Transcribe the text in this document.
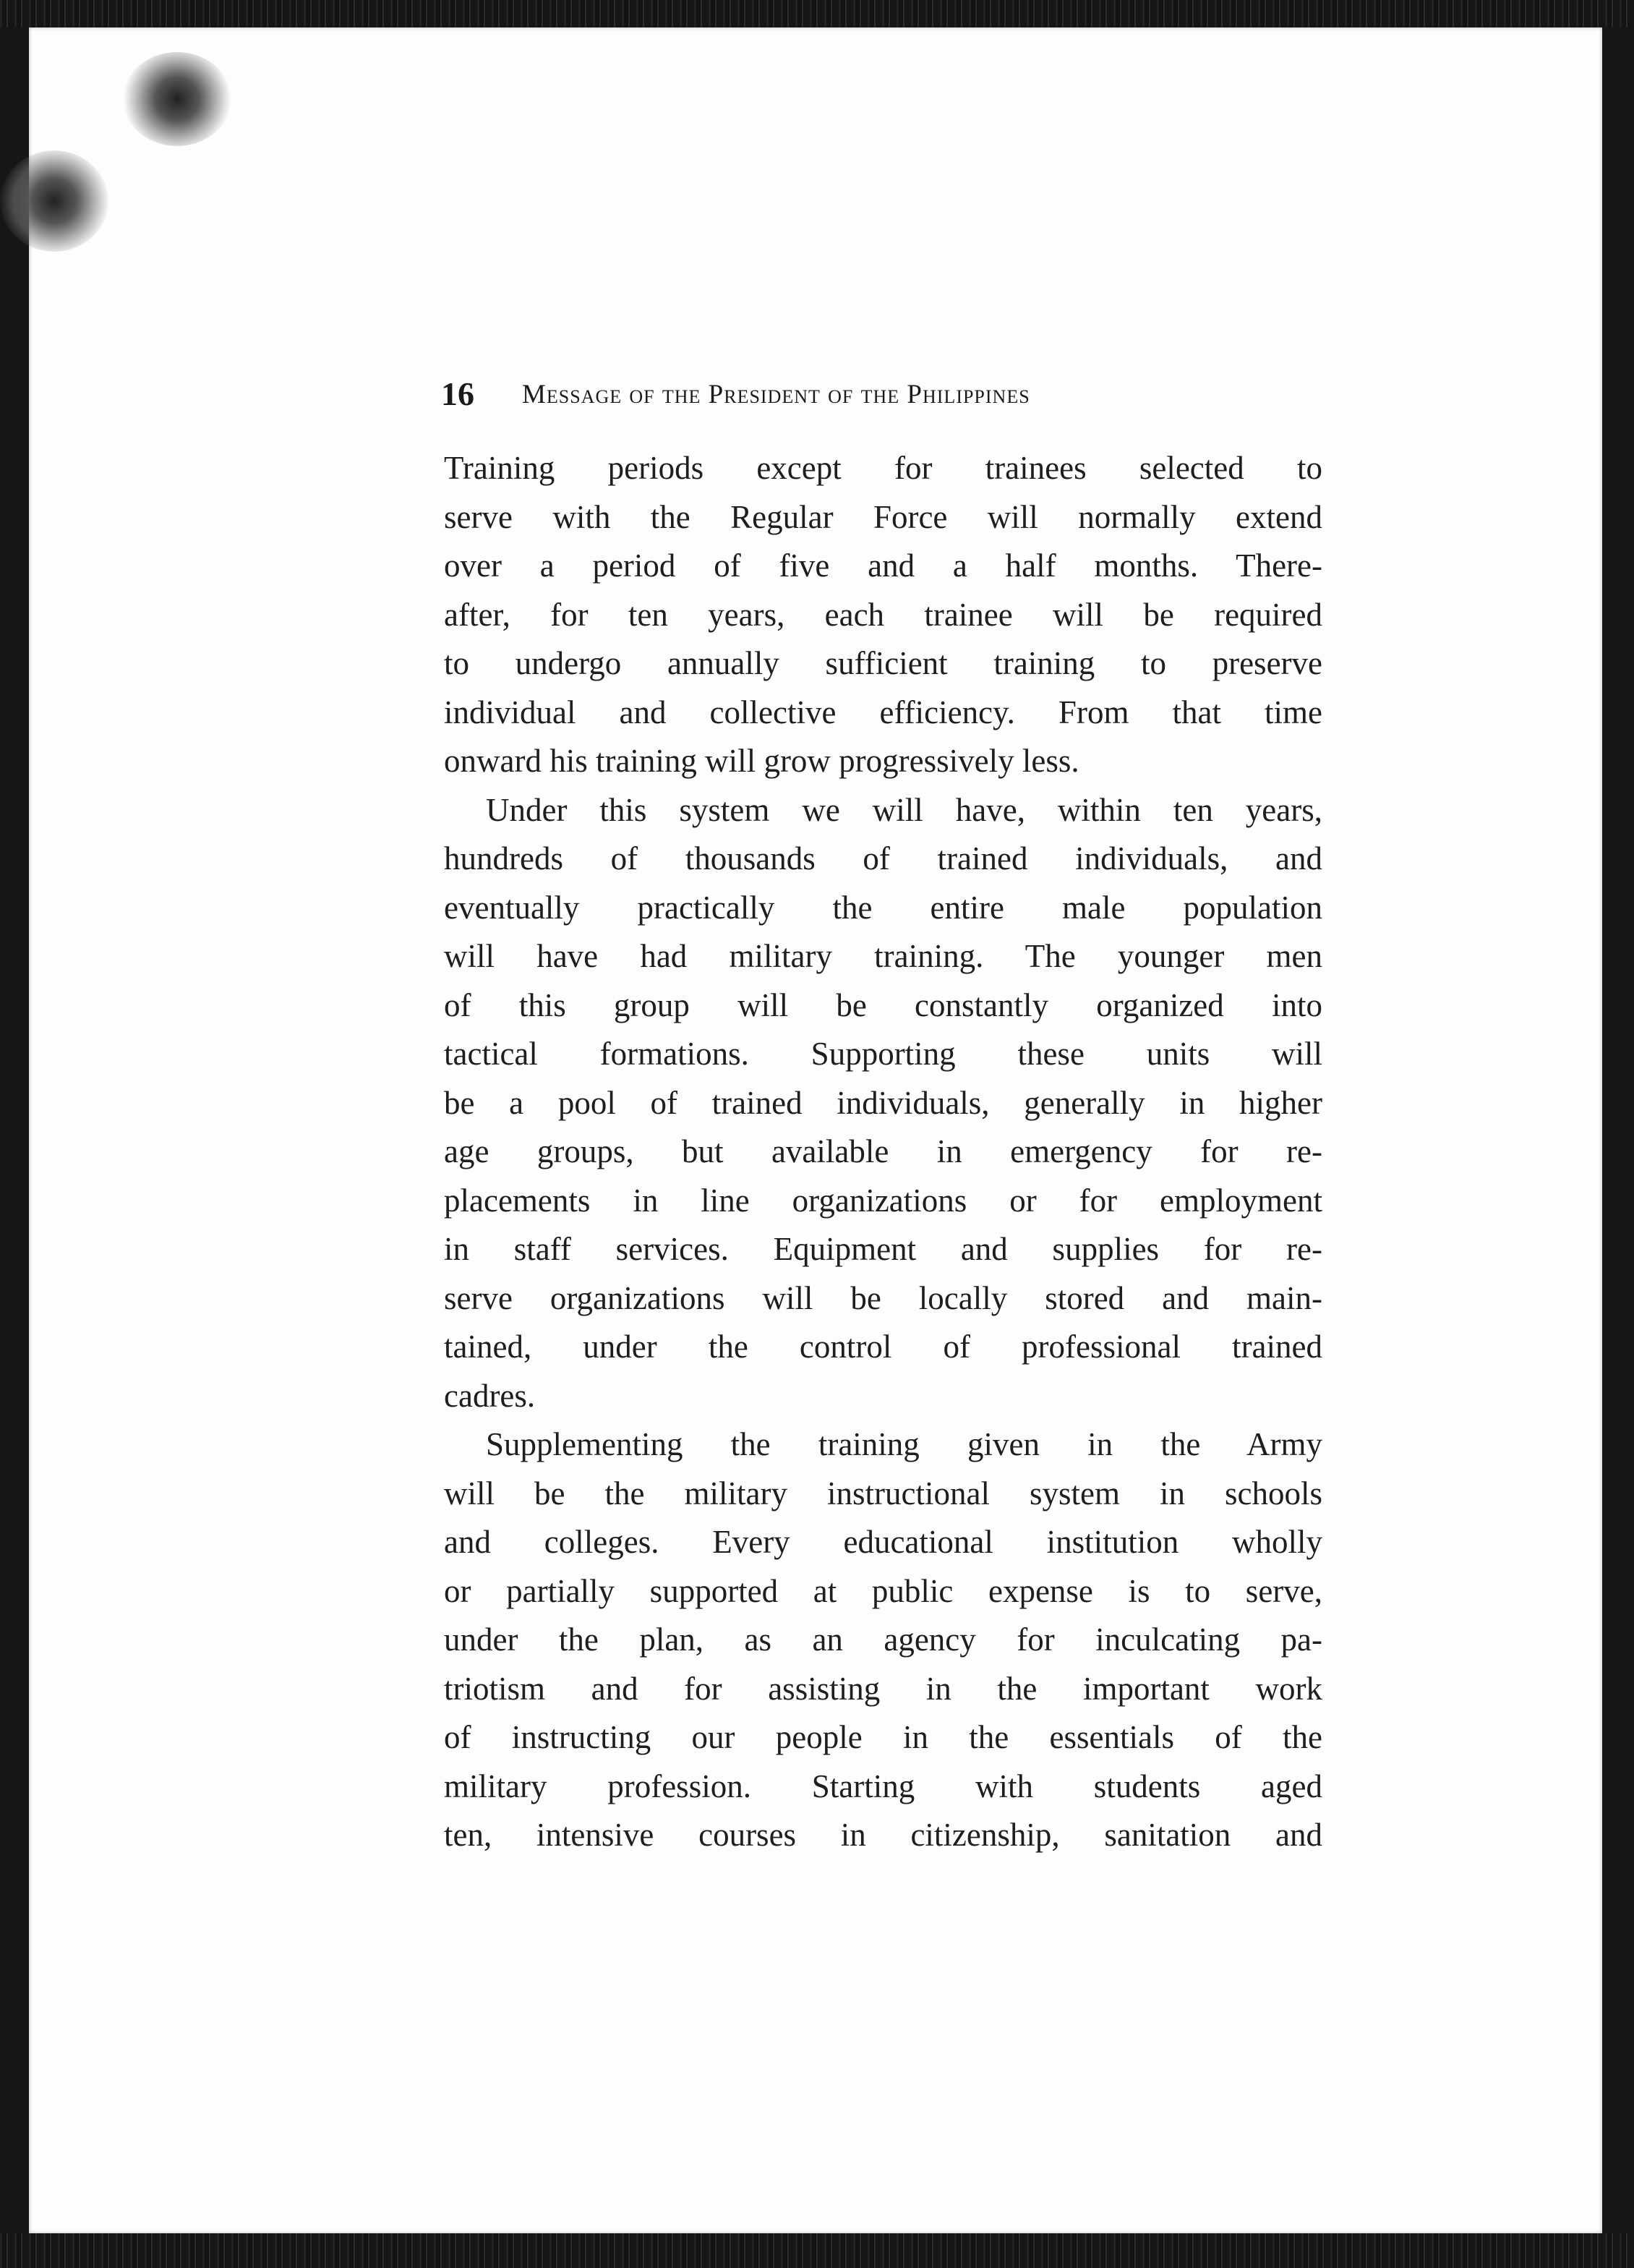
16 Message of the President of the Philippines
Training periods except for trainees selected to
serve with the Regular Force will normally extend
over a period of five and a half months. There-
after, for ten years, each trainee will be required
to undergo annually sufficient training to preserve
individual and collective efficiency. From that time
onward his training will grow progressively less.
Under this system we will have, within ten years,
hundreds of thousands of trained individuals, and
eventually practically the entire male population
will have had military training. The younger men
of this group will be constantly organized into
tactical formations. Supporting these units will
be a pool of trained individuals, generally in higher
age groups, but available in emergency for re-
placements in line organizations or for employment
in staff services. Equipment and supplies for re-
serve organizations will be locally stored and main-
tained, under the control of professional trained
cadres.
Supplementing the training given in the Army
will be the military instructional system in schools
and colleges. Every educational institution wholly
or partially supported at public expense is to serve,
under the plan, as an agency for inculcating pa-
triotism and for assisting in the important work
of instructing our people in the essentials of the
military profession. Starting with students aged
ten, intensive courses in citizenship, sanitation and
